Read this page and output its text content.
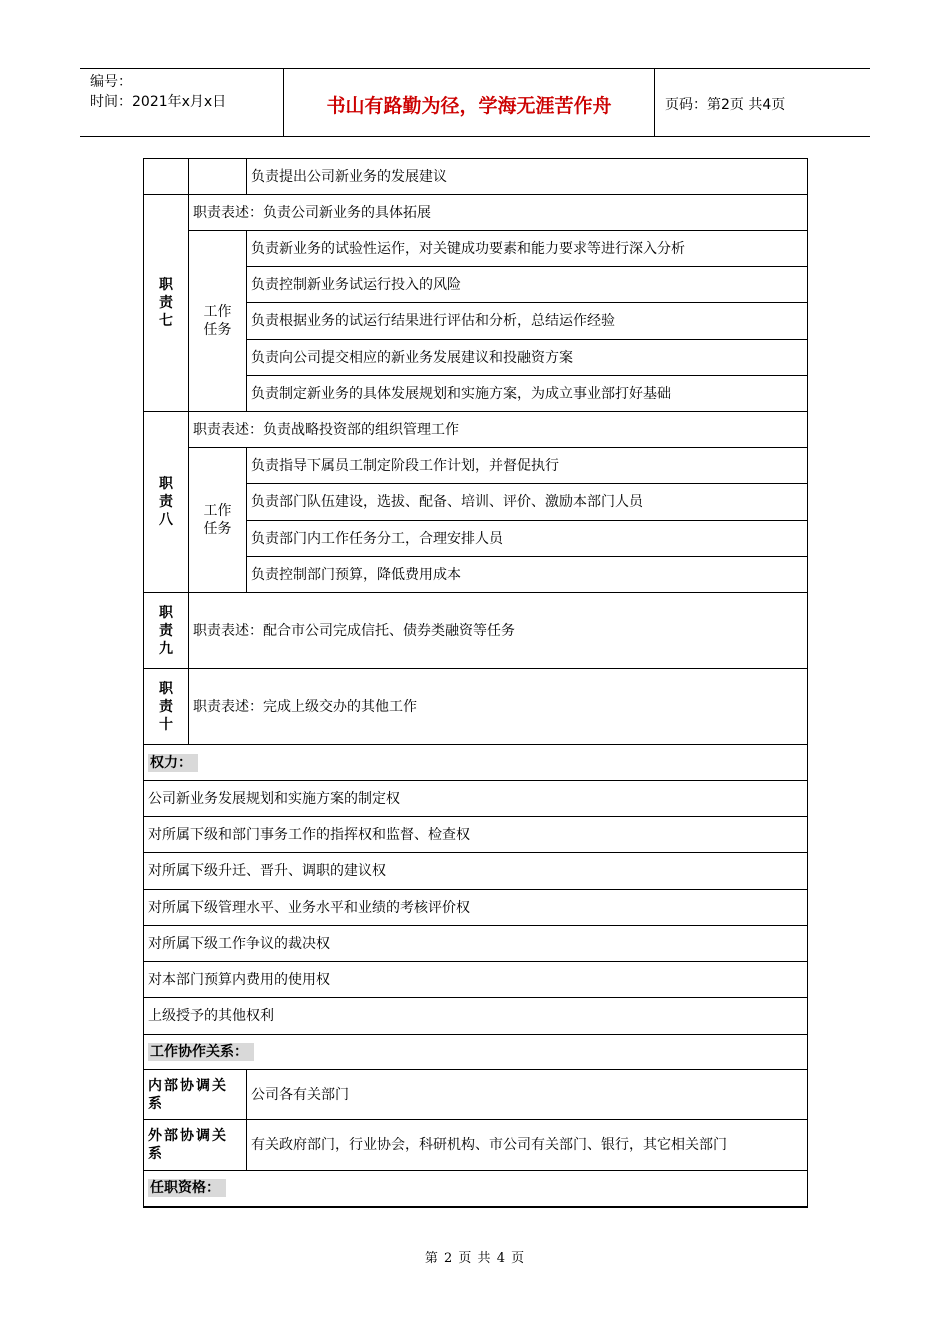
编号：
时间：2021年x月x日	书山有路勤为径，学海无涯苦作舟	页码：第2页 共4页
		负责提出公司新业务的发展建议
职
责
七	职责表述：负责公司新业务的具体拓展	
	工作
任务	负责新业务的试验性运作，对关键成功要素和能力要求等进行深入分析
		负责控制新业务试运行投入的风险
		负责根据业务的试运行结果进行评估和分析，总结运作经验
		负责向公司提交相应的新业务发展建议和投融资方案
		负责制定新业务的具体发展规划和实施方案，为成立事业部打好基础
职
责
八	职责表述：负责战略投资部的组织管理工作	
	工作
任务	负责指导下属员工制定阶段工作计划，并督促执行
		负责部门队伍建设，选拔、配备、培训、评价、激励本部门人员
		负责部门内工作任务分工，合理安排人员
		负责控制部门预算，降低费用成本
职
责
九	职责表述：配合市公司完成信托、债券类融资等任务	
职
责
十	职责表述：完成上级交办的其他工作	
权力：		
公司新业务发展规划和实施方案的制定权		
对所属下级和部门事务工作的指挥权和监督、检查权		
对所属下级升迁、晋升、调职的建议权		
对所属下级管理水平、业务水平和业绩的考核评价权		
对所属下级工作争议的裁决权		
对本部门预算内费用的使用权		
上级授予的其他权利		
工作协作关系：		
内部协调关系		公司各有关部门
外部协调关系		有关政府部门，行业协会，科研机构、市公司有关部门、银行，其它相关部门
任职资格：		
第 2 页 共 4 页
